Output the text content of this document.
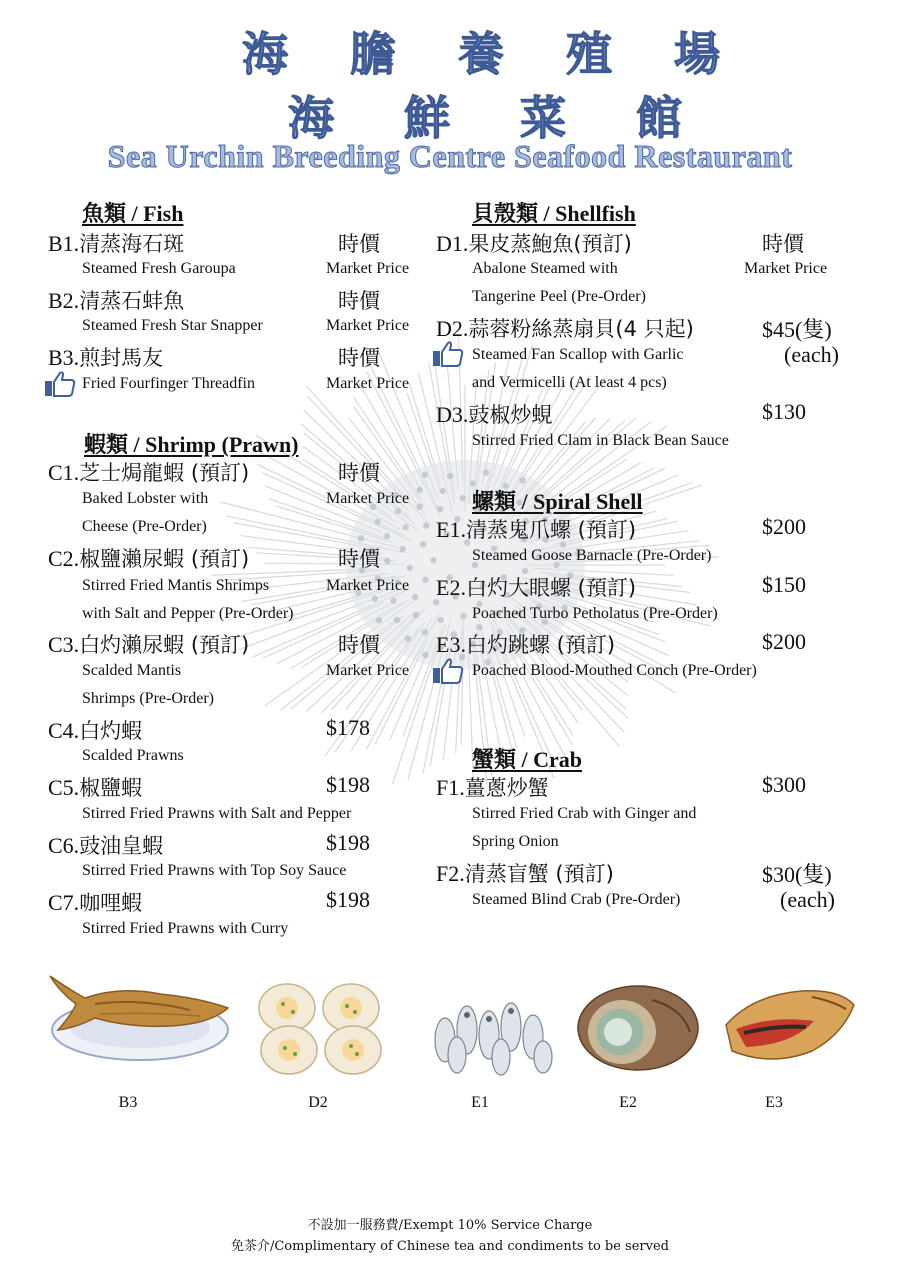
海膽養殖場
海鮮菜館
Sea Urchin Breeding Centre Seafood Restaurant
魚類 / Fish
B1.清蒸海石斑	時價
Steamed Fresh Garoupa	Market Price
B2.清蒸石蚌魚	時價
Steamed Fresh Star Snapper	Market Price
B3.煎封馬友	時價
Fried Fourfinger Threadfin	Market Price
蝦類 / Shrimp (Prawn)
C1.芝士焗龍蝦 (預訂)	時價
Baked Lobster with	Market Price
Cheese (Pre-Order)
C2.椒鹽瀨尿蝦 (預訂)	時價
Stirred Fried Mantis Shrimps	Market Price
with Salt and Pepper (Pre-Order)
C3.白灼瀨尿蝦 (預訂)	時價
Scalded Mantis	Market Price
Shrimps (Pre-Order)
C4.白灼蝦	$178
Scalded Prawns
C5.椒鹽蝦	$198
Stirred Fried Prawns with Salt and Pepper
C6.豉油皇蝦	$198
Stirred Fried Prawns with Top Soy Sauce
C7.咖哩蝦	$198
Stirred Fried Prawns with Curry
貝殼類 / Shellfish
D1.果皮蒸鮑魚(預訂)	時價
Abalone Steamed with	Market Price
Tangerine Peel (Pre-Order)
D2.蒜蓉粉絲蒸扇貝(4 只起)	$45(隻)
Steamed Fan Scallop with Garlic	(each)
and Vermicelli (At least 4 pcs)
D3.豉椒炒蜆	$130
Stirred Fried Clam in Black Bean Sauce
螺類 / Spiral Shell
E1.清蒸鬼爪螺 (預訂)	$200
Steamed Goose Barnacle (Pre-Order)
E2.白灼大眼螺 (預訂)	$150
Poached Turbo Petholatus (Pre-Order)
E3.白灼跳螺 (預訂)	$200
Poached Blood-Mouthed Conch (Pre-Order)
蟹類 / Crab
F1.薑蔥炒蟹	$300
Stirred Fried Crab with Ginger and
Spring Onion
F2.清蒸盲蟹 (預訂)	$30(隻)
Steamed Blind Crab (Pre-Order)	(each)
B3	D2	E1	E2	E3
不設加一服務費/Exempt 10% Service Charge
免茶介/Complimentary of Chinese tea and condiments to be served
